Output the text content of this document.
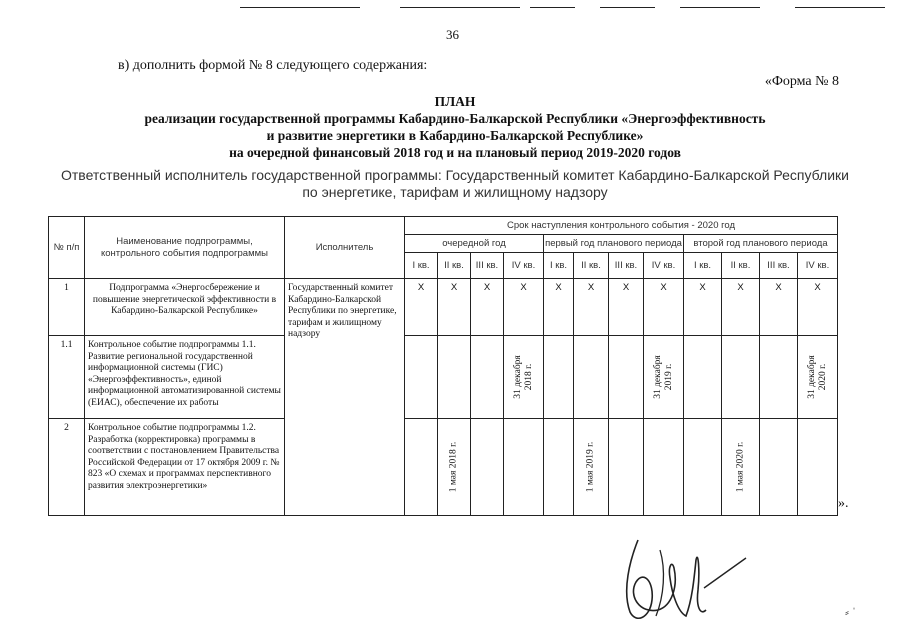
36
в) дополнить формой № 8 следующего содержания:
«Форма № 8
ПЛАН
реализации государственной программы Кабардино-Балкарской Республики «Энергоэффективность
и развитие энергетики в Кабардино-Балкарской Республике»
на очередной финансовый 2018 год и на плановый период 2019-2020 годов
Ответственный исполнитель государственной программы: Государственный комитет Кабардино-Балкарской Республики
по энергетике, тарифам и жилищному надзору
№ п/п	Наименование подпрограммы, контрольного события подпрограммы	Исполнитель	Срок наступления контрольного события - 2020 год											
			очередной год				первый год планового периода				второй год планового периода			
			I кв.	II кв.	III кв.	IV кв.	I кв.	II кв.	III кв.	IV кв.	I кв.	II кв.	III кв.	IV кв.
1	Подпрограмма «Энергосбережение и повышение энергетической эффективности в Кабардино-Балкарской Республике»	Государственный комитет Кабардино-Балкарской Республики по энергетике, тарифам и жилищному надзору	X	X	X	X	X	X	X	X	X	X	X	X
1.1	Контрольное событие подпрограммы 1.1. Развитие региональной государственной информационной системы (ГИС) «Энергоэффективность», единой информационной автоматизированной системы (ЕИАС), обеспечение их работы					31 декабря 2018 г.				31 декабря 2019 г.				31 декабря 2020 г.

2	Контрольное событие подпрограммы 1.2. Разработка (корректировка) программы в соответствии с постановлением Правительства Российской Федерации от 17 октября 2009 г. № 823 «О схемах и программах перспективного развития электроэнергетики»			1 мая 2018 г.				1 мая 2019 г.				1 мая 2020 г.		

».
⸗ ˈ
